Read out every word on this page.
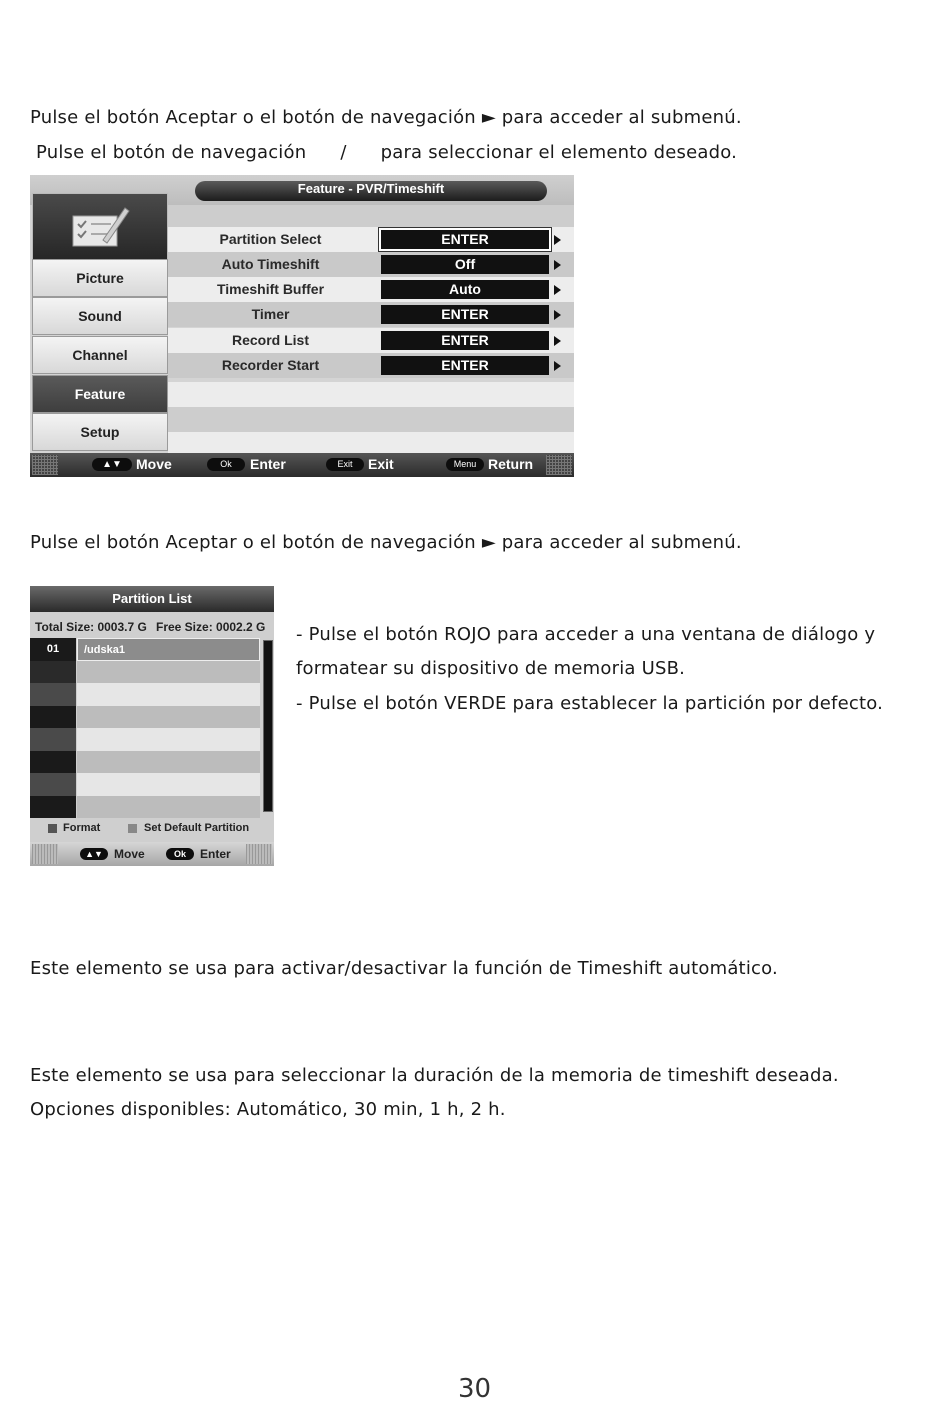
Pulse el botón Aceptar o el botón de navegación ► para acceder al submenú.
Pulse el botón de navegación / para seleccionar el elemento deseado.
Feature - PVR/Timeshift
Picture
Sound
Channel
Feature
Setup
Partition Select	ENTER
Auto Timeshift	Off
Timeshift Buffer	Auto
Timer	ENTER
Record List	ENTER
Recorder Start	ENTER
▲▼	Move	Ok	Enter	Exit	Exit	Menu Return
Pulse el botón Aceptar o el botón de navegación ► para acceder al submenú.
Partition List
Total Size: 0003.7 G Free Size: 0002.2 G
01	/udska1
Format	Set Default Partition
▲▼ Move	Ok	Enter
- Pulse el botón ROJO para acceder a una ventana de diálogo y
formatear su dispositivo de memoria USB.
- Pulse el botón VERDE para establecer la partición por defecto.
Este elemento se usa para activar/desactivar la función de Timeshift automático.
Este elemento se usa para seleccionar la duración de la memoria de timeshift deseada.
Opciones disponibles: Automático, 30 min, 1 h, 2 h.
30
